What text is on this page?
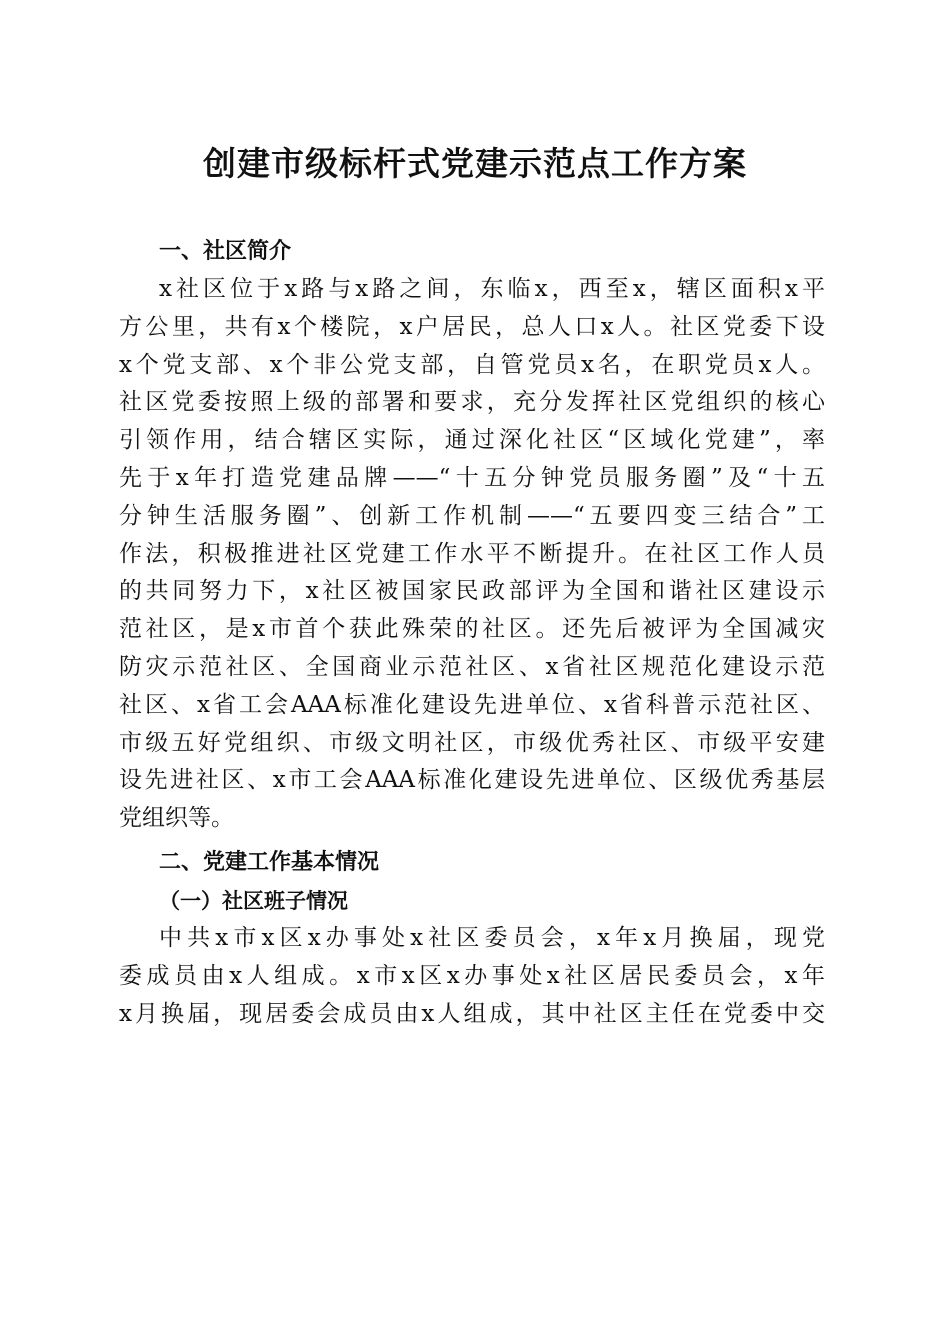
创建市级标杆式党建示范点工作方案
一、社区简介

x社区位于x路与x路之间，东临x，西至x，辖区面积x平
方公里，共有x个楼院，x户居民，总人口x人。社区党委下设
x个党支部、x个非公党支部，自管党员x名，在职党员x人。
社区党委按照上级的部署和要求，充分发挥社区党组织的核心
引领作用，结合辖区实际，通过深化社区“区域化党建”，率
先于x年打造党建品牌——“十五分钟党员服务圈”及“十五
分钟生活服务圈”、创新工作机制——“五要四变三结合”工
作法，积极推进社区党建工作水平不断提升。在社区工作人员
的共同努力下，x社区被国家民政部评为全国和谐社区建设示
范社区，是x市首个获此殊荣的社区。还先后被评为全国减灾
防灾示范社区、全国商业示范社区、x省社区规范化建设示范
社区、x省工会AAA标准化建设先进单位、x省科普示范社区、
市级五好党组织、市级文明社区，市级优秀社区、市级平安建
设先进社区、x市工会AAA标准化建设先进单位、区级优秀基层
党组织等。

二、党建工作基本情况
（一）社区班子情况

中共x市x区x办事处x社区委员会，x年x月换届，现党
委成员由x人组成。x市x区x办事处x社区居民委员会，x年
x月换届，现居委会成员由x人组成，其中社区主任在党委中交
